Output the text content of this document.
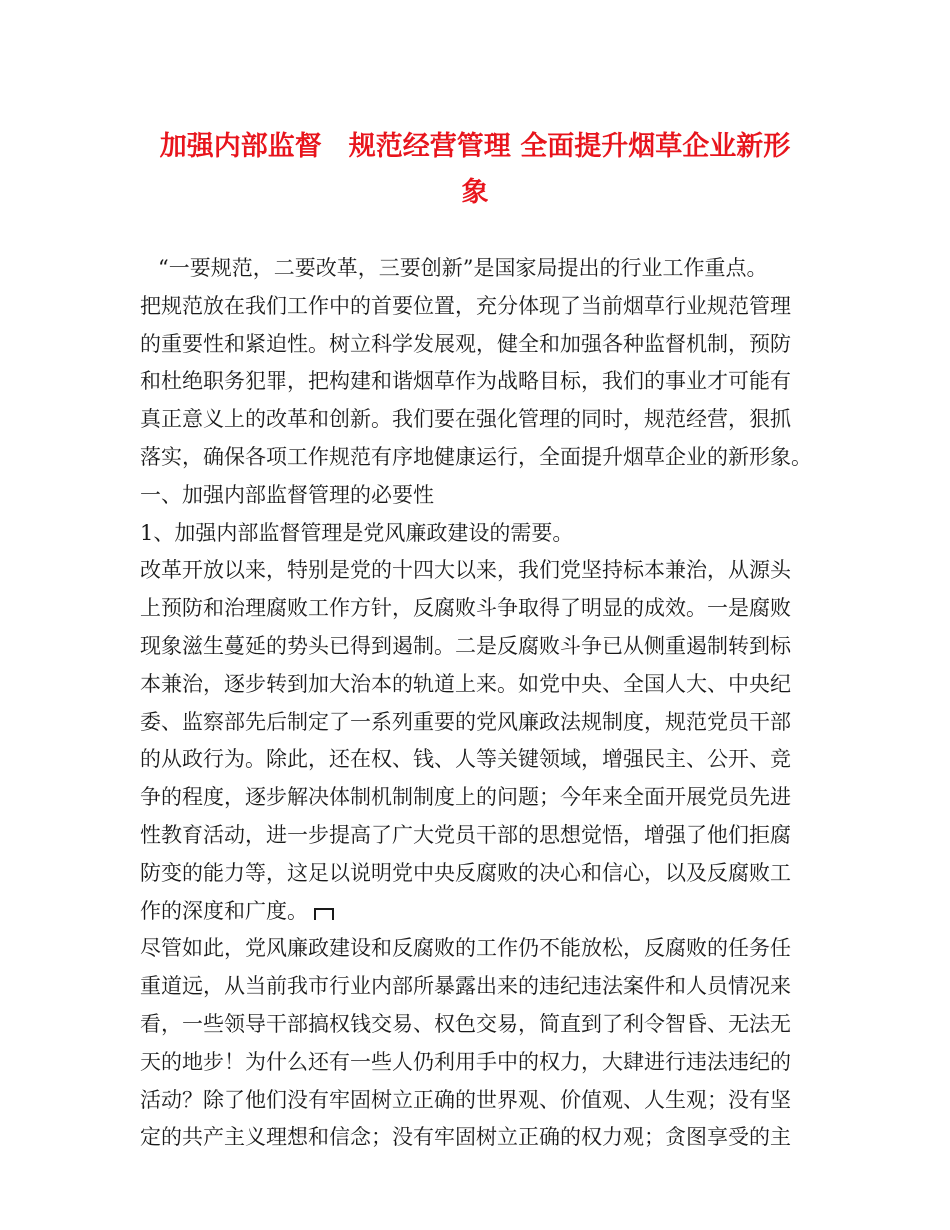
加强内部监督　规范经营管理 全面提升烟草企业新形
象
“一要规范，二要改革，三要创新”是国家局提出的行业工作重点。
把规范放在我们工作中的首要位置，充分体现了当前烟草行业规范管理
的重要性和紧迫性。树立科学发展观，健全和加强各种监督机制，预防
和杜绝职务犯罪，把构建和谐烟草作为战略目标，我们的事业才可能有
真正意义上的改革和创新。我们要在强化管理的同时，规范经营，狠抓
落实，确保各项工作规范有序地健康运行，全面提升烟草企业的新形象。
一、加强内部监督管理的必要性
1、加强内部监督管理是党风廉政建设的需要。
改革开放以来，特别是党的十四大以来，我们党坚持标本兼治，从源头
上预防和治理腐败工作方针，反腐败斗争取得了明显的成效。一是腐败
现象滋生蔓延的势头已得到遏制。二是反腐败斗争已从侧重遏制转到标
本兼治，逐步转到加大治本的轨道上来。如党中央、全国人大、中央纪
委、监察部先后制定了一系列重要的党风廉政法规制度，规范党员干部
的从政行为。除此，还在权、钱、人等关键领域，增强民主、公开、竞
争的程度，逐步解决体制机制制度上的问题；今年来全面开展党员先进
性教育活动，进一步提高了广大党员干部的思想觉悟，增强了他们拒腐
防变的能力等，这足以说明党中央反腐败的决心和信心，以及反腐败工
作的深度和广度。
尽管如此，党风廉政建设和反腐败的工作仍不能放松，反腐败的任务任
重道远，从当前我市行业内部所暴露出来的违纪违法案件和人员情况来
看，一些领导干部搞权钱交易、权色交易，简直到了利令智昏、无法无
天的地步！为什么还有一些人仍利用手中的权力，大肆进行违法违纪的
活动？除了他们没有牢固树立正确的世界观、价值观、人生观；没有坚
定的共产主义理想和信念；没有牢固树立正确的权力观；贪图享受的主
